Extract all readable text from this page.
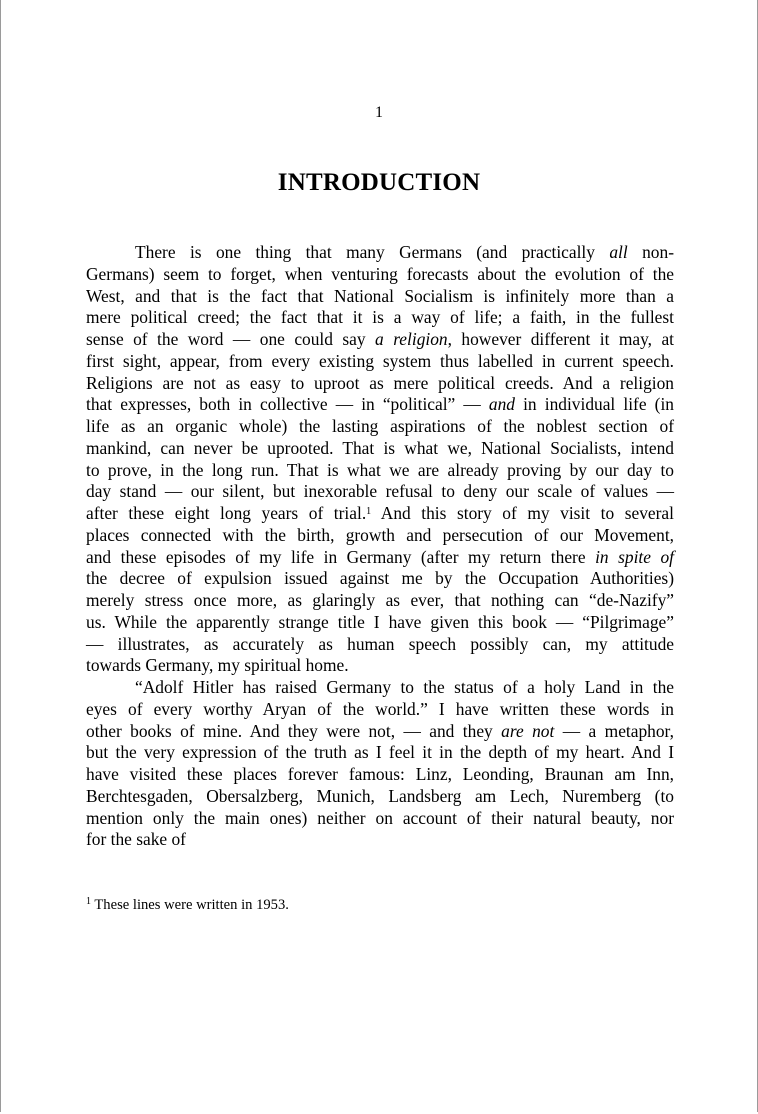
1
INTRODUCTION

There is one thing that many Germans (and practically all non-
Germans) seem to forget, when venturing forecasts about the evolution of the
West, and that is the fact that National Socialism is infinitely more than a
mere political creed; the fact that it is a way of life; a faith, in the fullest
sense of the word — one could say a religion, however different it may, at
first sight, appear, from every existing system thus labelled in current speech.
Religions are not as easy to uproot as mere political creeds. And a religion
that expresses, both in collective — in “political” — and in individual life (in
life as an organic whole) the lasting aspirations of the noblest section of
mankind, can never be uprooted. That is what we, National Socialists, intend
to prove, in the long run. That is what we are already proving by our day to
day stand — our silent, but inexorable refusal to deny our scale of values —
after these eight long years of trial.$^1$ And this story of my visit to several
places connected with the birth, growth and persecution of our Movement,
and these episodes of my life in Germany (after my return there in spite of
the decree of expulsion issued against me by the Occupation Authorities)
merely stress once more, as glaringly as ever, that nothing can “de-Nazify”
us. While the apparently strange title I have given this book — “Pilgrimage”
— illustrates, as accurately as human speech possibly can, my attitude
towards Germany, my spiritual home.

“Adolf Hitler has raised Germany to the status of a holy Land in the
eyes of every worthy Aryan of the world.” I have written these words in
other books of mine. And they were not, — and they are not — a metaphor,
but the very expression of the truth as I feel it in the depth of my heart. And I
have visited these places forever famous: Linz, Leonding, Braunan am Inn,
Berchtesgaden, Obersalzberg, Munich, Landsberg am Lech, Nuremberg (to
mention only the main ones) neither on account of their natural beauty, nor
for the sake of

$^1$ These lines were written in 1953.
